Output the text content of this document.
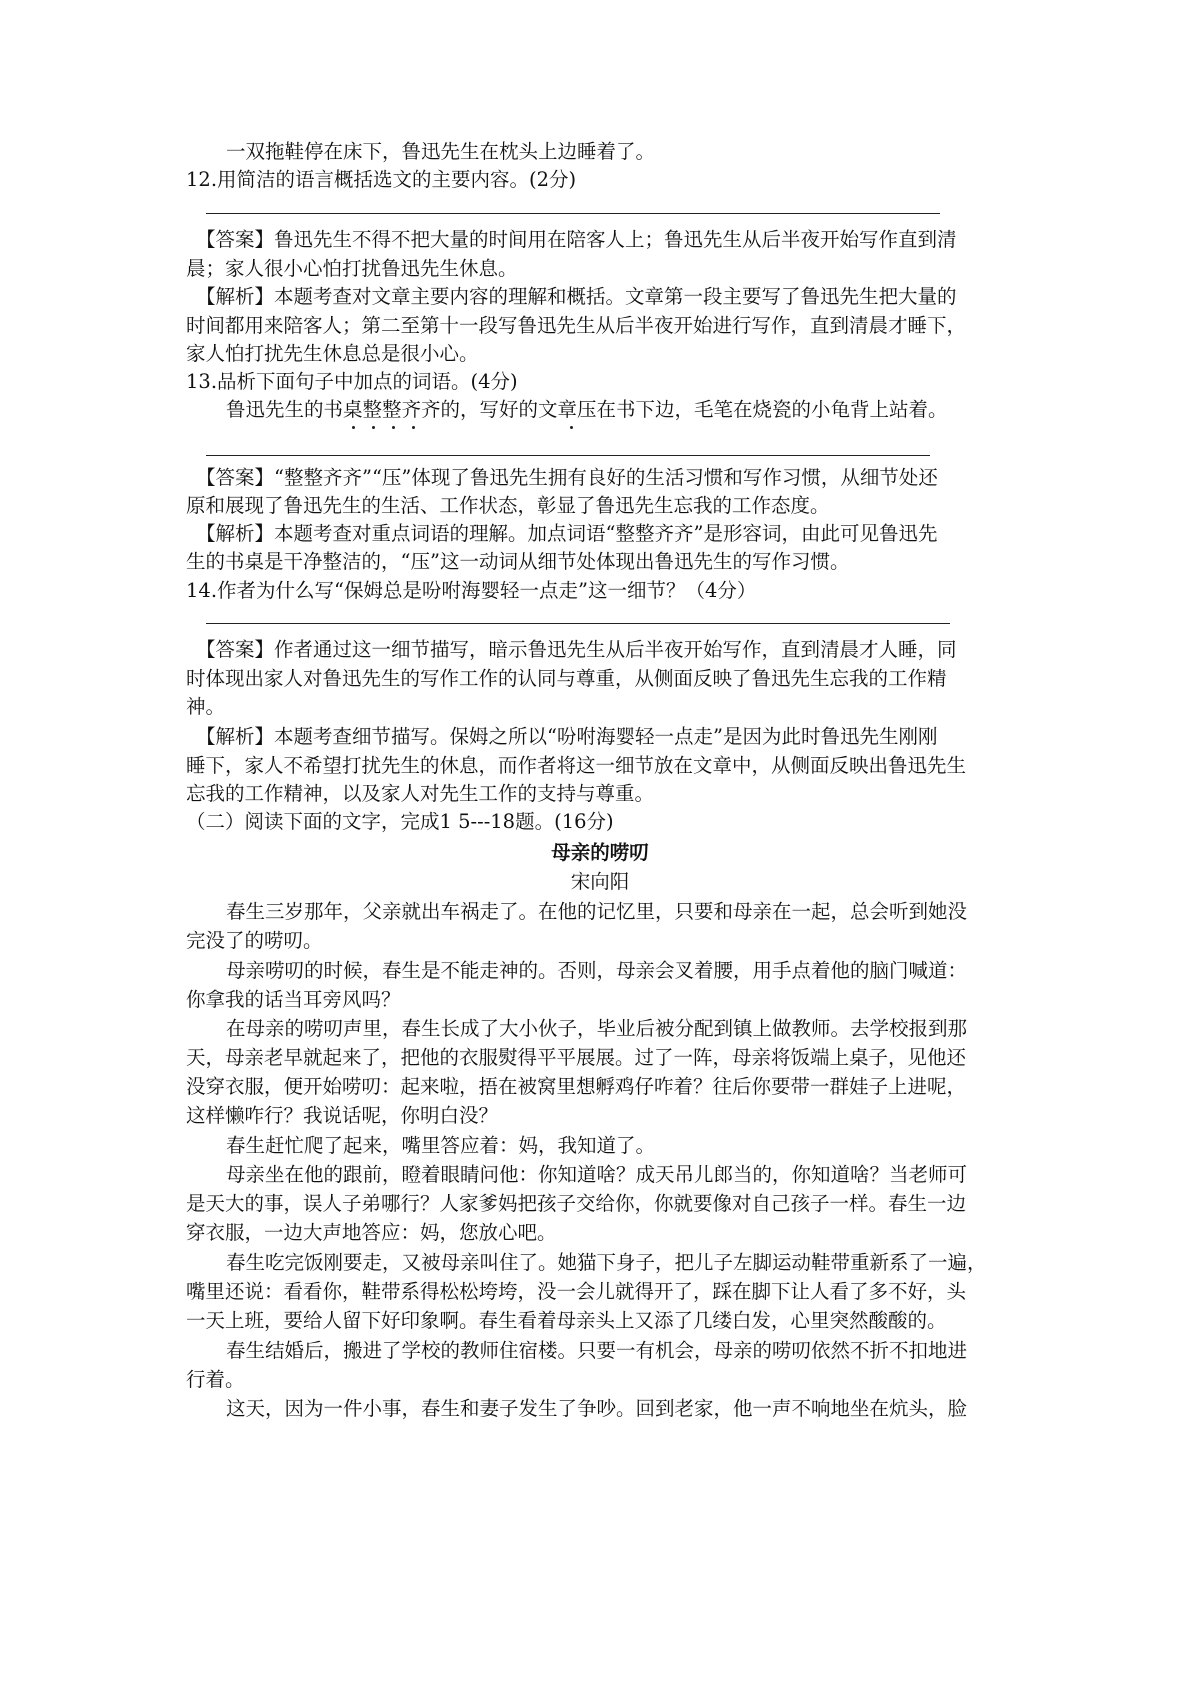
一双拖鞋停在床下，鲁迅先生在枕头上边睡着了。
12.用简洁的语言概括选文的主要内容。(2分)
【答案】鲁迅先生不得不把大量的时间用在陪客人上；鲁迅先生从后半夜开始写作直到清
晨；家人很小心怕打扰鲁迅先生休息。
【解析】本题考查对文章主要内容的理解和概括。文章第一段主要写了鲁迅先生把大量的
时间都用来陪客人；第二至第十一段写鲁迅先生从后半夜开始进行写作，直到清晨才睡下，
家人怕打扰先生休息总是很小心。
13.品析下面句子中加点的词语。(4分)
鲁迅先生的书桌整整齐齐的，写好的文章压在书下边，毛笔在烧瓷的小龟背上站着。
【答案】“整整齐齐”“压”体现了鲁迅先生拥有良好的生活习惯和写作习惯，从细节处还
原和展现了鲁迅先生的生活、工作状态，彰显了鲁迅先生忘我的工作态度。
【解析】本题考查对重点词语的理解。加点词语“整整齐齐”是形容词，由此可见鲁迅先
生的书桌是干净整洁的，“压”这一动词从细节处体现出鲁迅先生的写作习惯。
14.作者为什么写“保姆总是吩咐海婴轻一点走”这一细节？（4分）
【答案】作者通过这一细节描写，暗示鲁迅先生从后半夜开始写作，直到清晨才人睡，同
时体现出家人对鲁迅先生的写作工作的认同与尊重，从侧面反映了鲁迅先生忘我的工作精
神。
【解析】本题考查细节描写。保姆之所以“吩咐海婴轻一点走”是因为此时鲁迅先生刚刚
睡下，家人不希望打扰先生的休息，而作者将这一细节放在文章中，从侧面反映出鲁迅先生
忘我的工作精神，以及家人对先生工作的支持与尊重。
（二）阅读下面的文字，完成1 5---18题。(16分)
母亲的唠叨
宋向阳
春生三岁那年，父亲就出车祸走了。在他的记忆里，只要和母亲在一起，总会听到她没
完没了的唠叨。
母亲唠叨的时候，春生是不能走神的。否则，母亲会叉着腰，用手点着他的脑门喊道：
你拿我的话当耳旁风吗？
在母亲的唠叨声里，春生长成了大小伙子，毕业后被分配到镇上做教师。去学校报到那
天，母亲老早就起来了，把他的衣服熨得平平展展。过了一阵，母亲将饭端上桌子，见他还
没穿衣服，便开始唠叨：起来啦，捂在被窝里想孵鸡仔咋着？往后你要带一群娃子上进呢，
这样懒咋行？我说话呢，你明白没？
春生赶忙爬了起来，嘴里答应着：妈，我知道了。
母亲坐在他的跟前，瞪着眼睛问他：你知道啥？成天吊儿郎当的，你知道啥？当老师可
是天大的事，误人子弟哪行？人家爹妈把孩子交给你，你就要像对自己孩子一样。春生一边
穿衣服，一边大声地答应：妈，您放心吧。
春生吃完饭刚要走，又被母亲叫住了。她猫下身子，把儿子左脚运动鞋带重新系了一遍，
嘴里还说：看看你，鞋带系得松松垮垮，没一会儿就得开了，踩在脚下让人看了多不好，头
一天上班，要给人留下好印象啊。春生看着母亲头上又添了几缕白发，心里突然酸酸的。
春生结婚后，搬进了学校的教师住宿楼。只要一有机会，母亲的唠叨依然不折不扣地进
行着。
这天，因为一件小事，春生和妻子发生了争吵。回到老家，他一声不响地坐在炕头，脸
